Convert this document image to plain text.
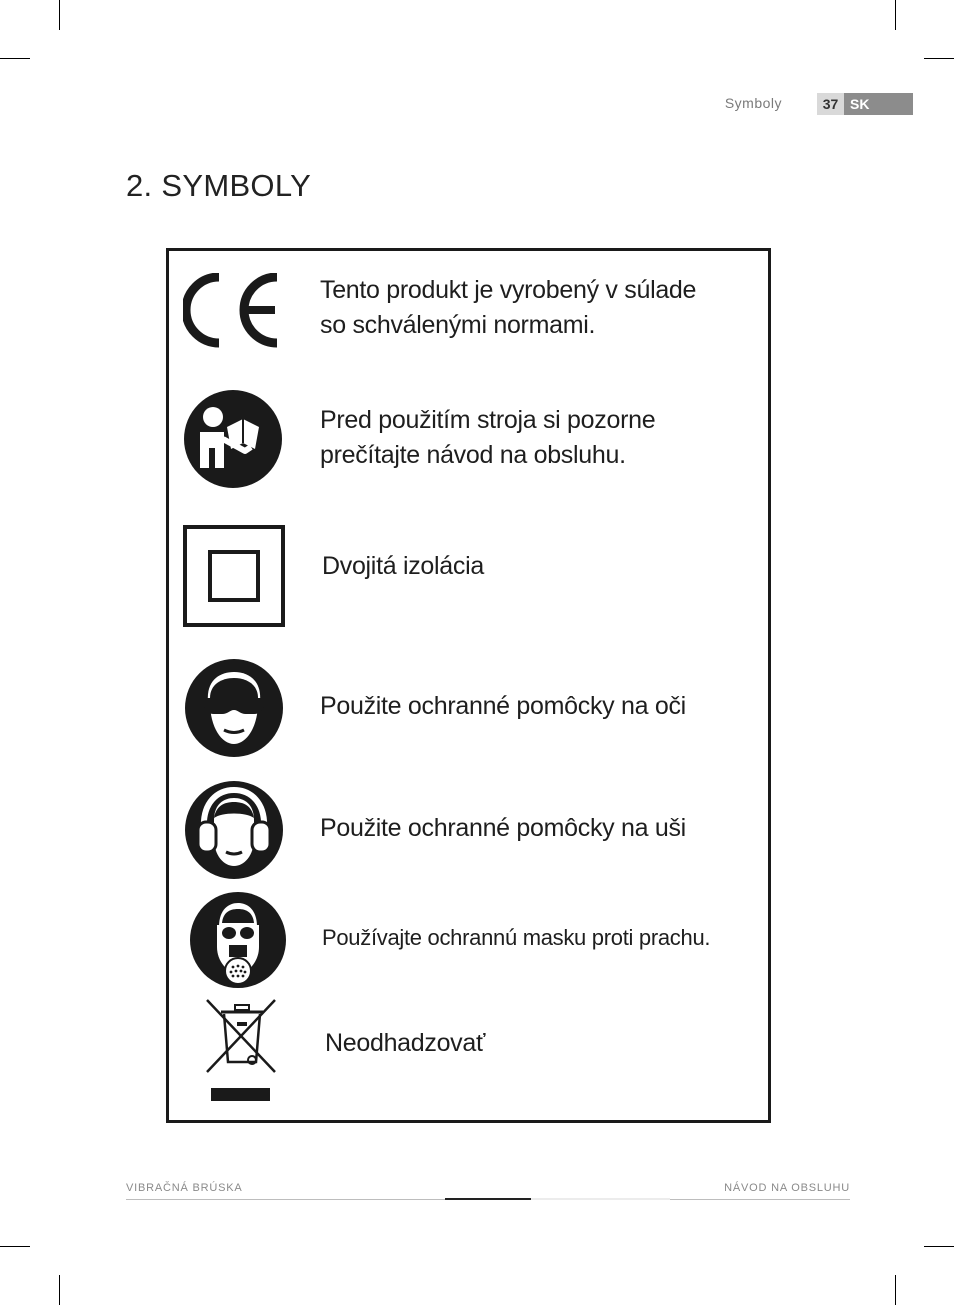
Symboly	37 SK
2. SYMBOLY
Tento produkt je vyrobený v súlade
so schválenými normami.
Pred použitím stroja si pozorne
prečítajte návod na obsluhu.
Dvojitá izolácia
Použite ochranné pomôcky na oči
Použite ochranné pomôcky na uši
Používajte ochrannú masku proti prachu.
Neodhadzovať
VIBRAČNÁ BRÚSKA	NÁVOD NA OBSLUHU
